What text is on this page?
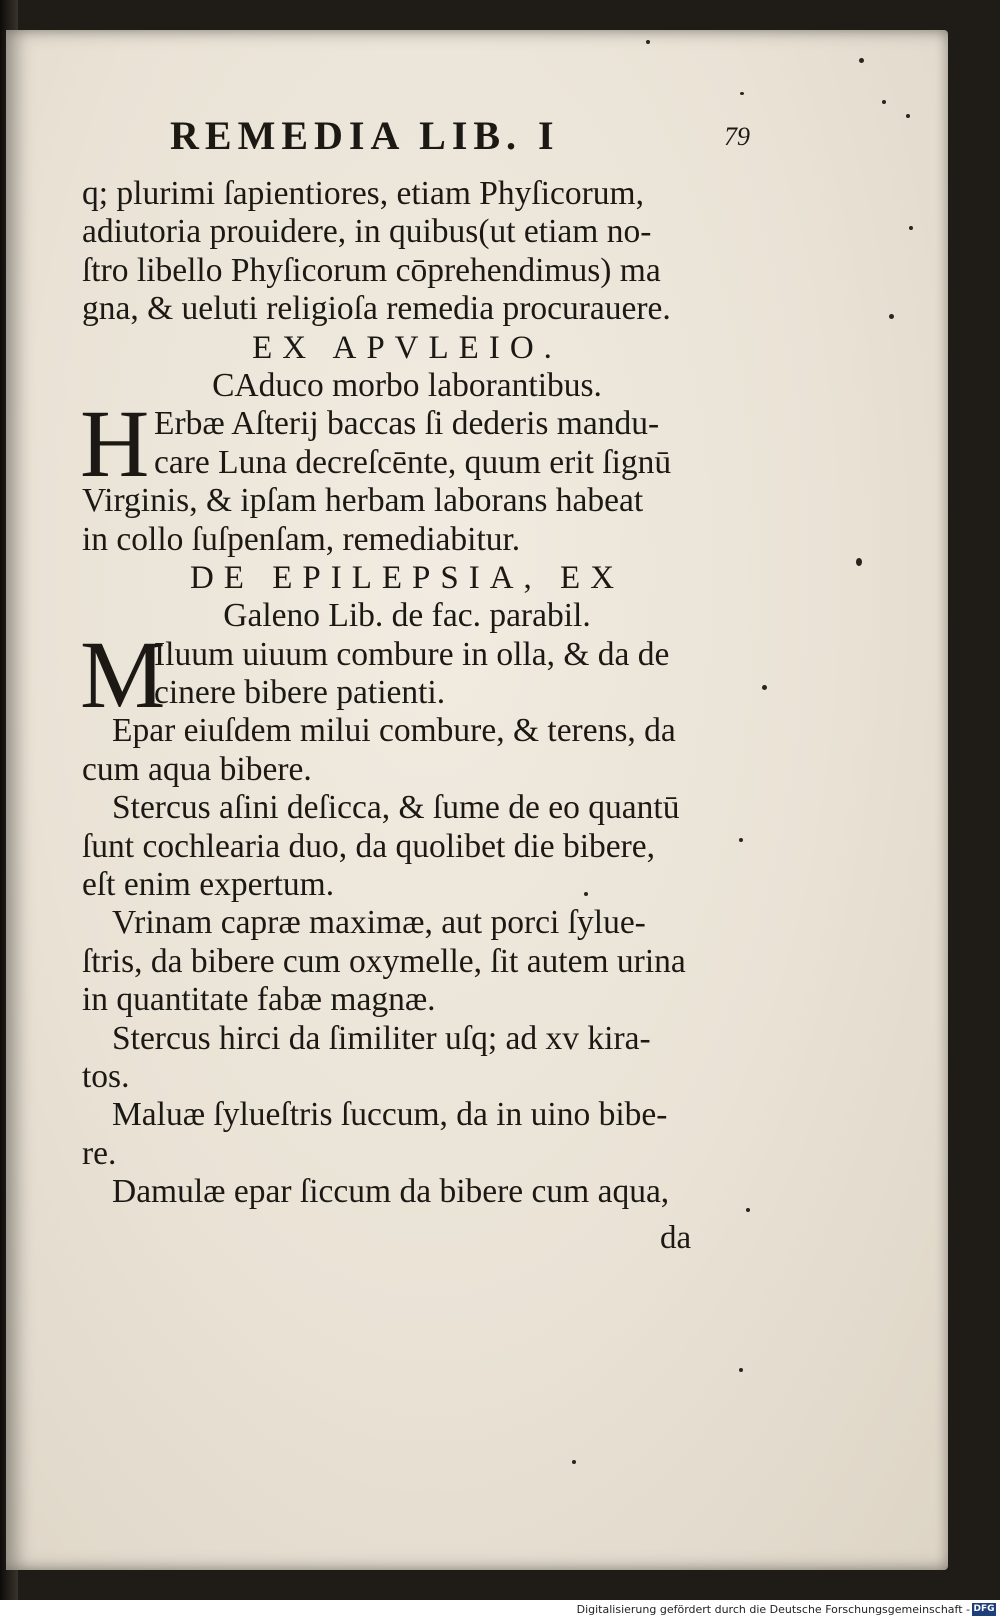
REMEDIA LIB. I	79
q; plurimi ſapientiores, etiam Phyſicorum,
adiutoria prouidere, in quibus(ut etiam no-
ſtro libello Phyſicorum cōprehendimus) ma
gna, & ueluti religioſa remedia procurauere.
EX APVLEIO.
CAduco morbo laborantibus.
H Erbæ Aſterij baccas ſi dederis mandu-
care Luna decreſcēnte, quum erit ſignū
Virginis, & ipſam herbam laborans habeat
in collo ſuſpenſam, remediabitur.
DE EPILEPSIA, EX
Galeno Lib. de fac. parabil.
M
Iluum uiuum combure in olla, & da de
cinere bibere patienti.
Epar eiuſdem milui combure, & terens, da
cum aqua bibere.
Stercus aſini deſicca, & ſume de eo quantū
ſunt cochlearia duo, da quolibet die bibere,
eſt enim expertum.
Vrinam capræ maximæ, aut porci ſylue-
ſtris, da bibere cum oxymelle, ſit autem urina
in quantitate fabæ magnæ.
Stercus hirci da ſimiliter uſq; ad xv kira-
tos.
Maluæ ſylueſtris ſuccum, da in uino bibe-
re.
Damulæ epar ſiccum da bibere cum aqua,
da
Digitalisierung gefördert durch die Deutsche Forschungsgemeinschaft - DFG
